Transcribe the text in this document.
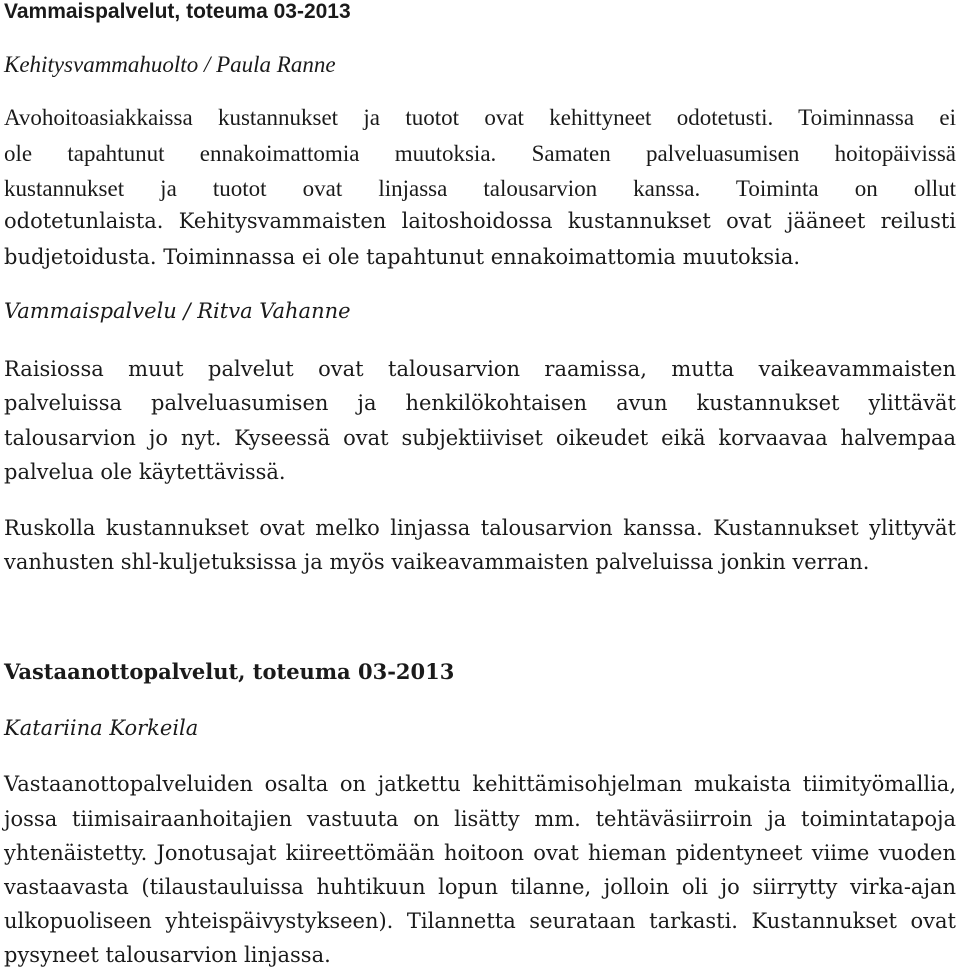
Vammaispalvelut, toteuma 03-2013
Kehitysvammahuolto / Paula Ranne
Avohoitoasiakkaissa kustannukset ja tuotot ovat kehittyneet odotetusti. Toiminnassa ei
ole tapahtunut ennakoimattomia muutoksia. Samaten palveluasumisen hoitopäivissä
kustannukset ja tuotot ovat linjassa talousarvion kanssa. Toiminta on ollut
odotetunlaista. Kehitysvammaisten laitoshoidossa kustannukset ovat jääneet reilusti
budjetoidusta. Toiminnassa ei ole tapahtunut ennakoimattomia muutoksia.
Vammaispalvelu / Ritva Vahanne
Raisiossa muut palvelut ovat talousarvion raamissa, mutta vaikeavammaisten
palveluissa palveluasumisen ja henkilökohtaisen avun kustannukset ylittävät
talousarvion jo nyt. Kyseessä ovat subjektiiviset oikeudet eikä korvaavaa halvempaa
palvelua ole käytettävissä.
Ruskolla kustannukset ovat melko linjassa talousarvion kanssa. Kustannukset ylittyvät
vanhusten shl-kuljetuksissa ja myös vaikeavammaisten palveluissa jonkin verran.
Vastaanottopalvelut, toteuma 03-2013
Katariina Korkeila
Vastaanottopalveluiden osalta on jatkettu kehittämisohjelman mukaista tiimityömallia,
jossa tiimisairaanhoitajien vastuuta on lisätty mm. tehtäväsiirroin ja toimintatapoja
yhtenäistetty. Jonotusajat kiireettömään hoitoon ovat hieman pidentyneet viime vuoden
vastaavasta (tilaustauluissa huhtikuun lopun tilanne, jolloin oli jo siirrytty virka-ajan
ulkopuoliseen yhteispäivystykseen). Tilannetta seurataan tarkasti. Kustannukset ovat
pysyneet talousarvion linjassa.
